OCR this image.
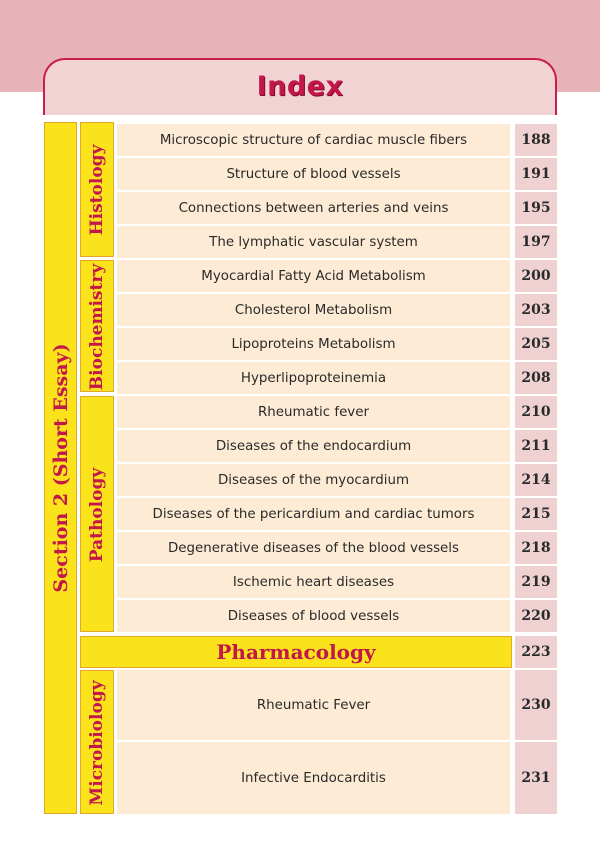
Index
Section 2 (Short Essay)
Histology
Biochemistry
Pathology
Microbiology
Microscopic structure of cardiac muscle fibers	188
Structure of blood vessels	191
Connections between arteries and veins	195
The lymphatic vascular system	197
Myocardial Fatty Acid Metabolism	200
Cholesterol Metabolism	203
Lipoproteins Metabolism	205
Hyperlipoproteinemia	208
Rheumatic fever	210
Diseases of the endocardium	211
Diseases of the myocardium	214
Diseases of the pericardium and cardiac tumors	215
Degenerative diseases of the blood vessels	218
Ischemic heart diseases	219
Diseases of blood vessels	220
Pharmacology	223
Rheumatic Fever	230
Infective Endocarditis	231
